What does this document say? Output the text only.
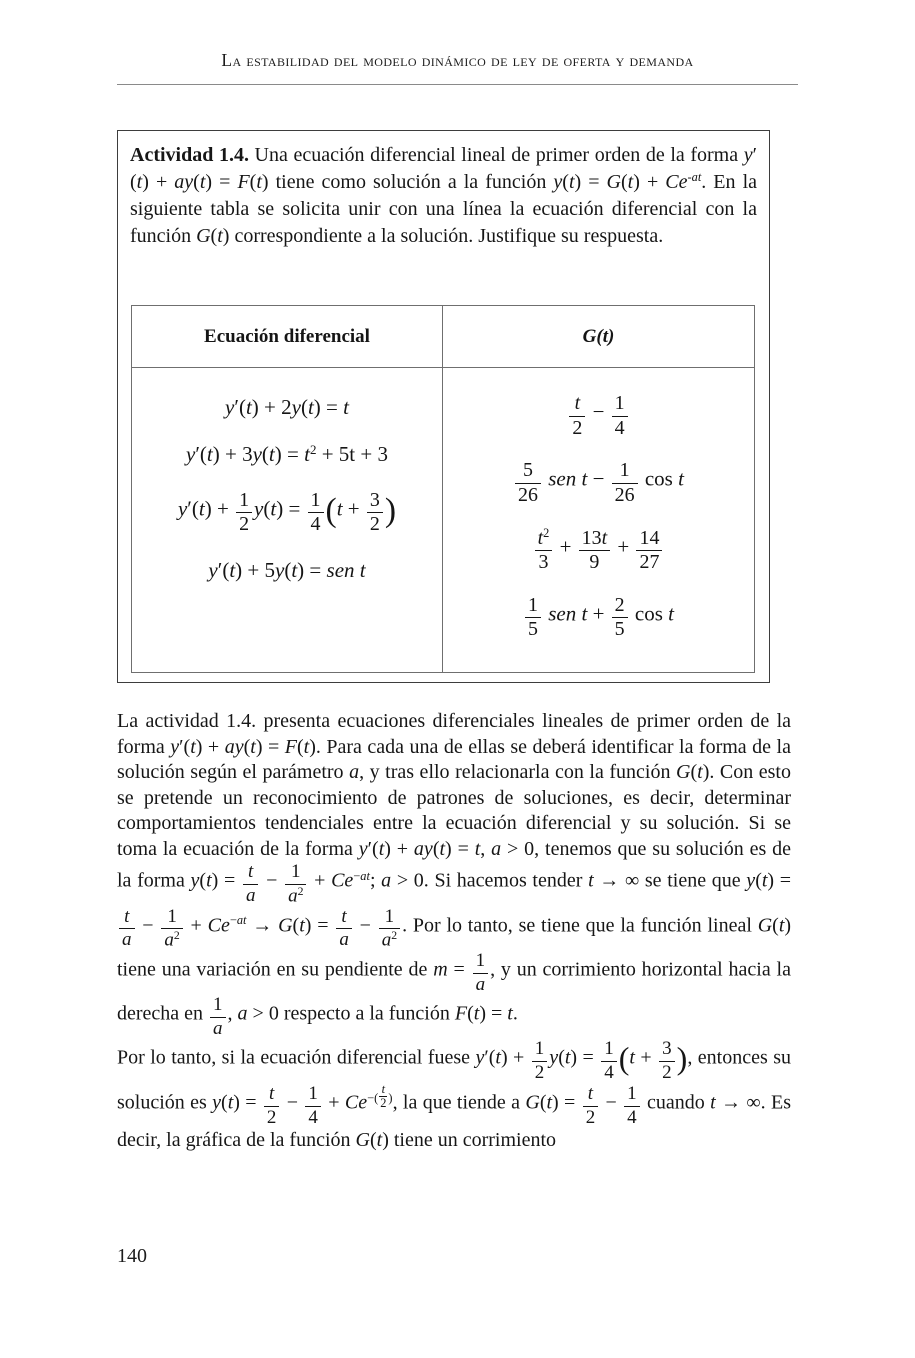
La estabilidad del modelo dinámico de ley de oferta y demanda
Actividad 1.4. Una ecuación diferencial lineal de primer orden de la forma y′(t) + ay(t) = F(t) tiene como solución a la función y(t) = G(t) + Ce-at. En la siguiente tabla se solicita unir con una línea la ecuación diferencial con la función G(t) correspondiente a la solución. Justifique su respuesta.
Ecuación diferencial	G(t)
y′(t) + 2y(t) = t
y′(t) + 3y(t) = t2 + 5t + 3
$y'(t) + \frac{1}{2} y(t) = \frac{1}{4} (t + \frac{3}{2}$ )
y′(t) + 5y(t) = sen t
$\frac{t}{2} - \frac{1}{4}$
$\frac{5}{26}$ sen $t - \frac{1}{26}$ cos t
$\frac{t2}{3} + \frac{13t}{9} + \frac{14}{27}$
$\frac{1}{5}$ sen $t + \frac{2}{5}$ cos t

La actividad 1.4. presenta ecuaciones diferenciales lineales de primer orden de la forma y′(t) + ay(t) = F(t). Para cada una de ellas se deberá identificar la forma de la solución según el parámetro a, y tras ello relacionarla con la función G(t). Con esto se pretende un reconocimiento de patrones de soluciones, es decir, determinar comportamientos tendenciales entre la ecuación diferencial y su solución. Si se toma la ecuación de la forma y′(t) + ay(t) = t, a > 0, tenemos que su solución es de la forma $y(t) = \frac{t}{a} - \frac{1}{a2} + Ce-at$; a > 0. Si hacemos tender t → ∞ se tiene que y(t) =
$\frac{t}{a} - \frac{1}{a2} + Ce-at \to G(t) = \frac{t}{a} - \frac{1}{a2}$ . Por lo tanto, se tiene que la función lineal G(t) tiene una variación en su pendiente de $m = \frac{1}{a}$ , y un corrimiento horizontal hacia la derecha en $\frac{1}{a}$ , a > 0 respecto a la función F(t) = t.

Por lo tanto, si la ecuación diferencial fuese $y'(t) + \frac{1}{2} y(t) = \frac{1}{4} (t + \frac{3}{2}$ ), entonces su solución es $y(t) = \frac{t}{2} - \frac{1}{4} + Ce-( \frac{t}{2}$ ), la que tiende a $G(t) = \frac{t}{2} - \frac{1}{4}$ cuando t → ∞. Es decir, la gráfica de la función G(t) tiene un corrimiento

140
